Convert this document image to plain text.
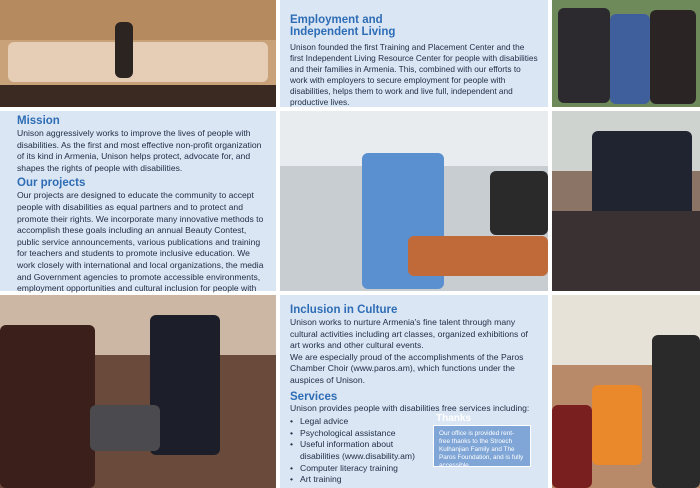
Employment and Independent Living
Unison founded the first Training and Placement Center and the first Independent Living Resource Center for people with disabilities and their families in Armenia. This, combined with our efforts to work with employers to secure employment for people with disabilities, helps them to work and live full, independent and productive lives.
Mission
Unison aggressively works to improve the lives of people with disabilities. As the first and most effective non-profit organization of its kind in Armenia, Unison helps protect, advocate for, and shapes the rights of people with disabilities.
Our projects
Our projects are designed to educate the community to accept people with disabilities as equal partners and to protect and promote their rights. We incorporate many innovative methods to accomplish these goals including an annual Beauty Contest, public service announcements, various publications and training for teachers and students to promote inclusive education. We work closely with international and local organizations, the media and Government agencies to promote accessible environments, employment opportunities and cultural inclusion for people with
Inclusion in Culture
Unison works to nurture Armenia's fine talent through many cultural activities including art classes, organized exhibitions of art works and other cultural events.
We are especially proud of the accomplishments of the Paros Chamber Choir (www.paros.am), which functions under the auspices of Unison.
Services
Unison provides people with disabilities free services including:
• Legal advice
• Psychological assistance
• Useful information about disabilities (www.disability.am)
• Computer literacy training
• Art training
Thanks
Our office is provided rent-free thanks to the Stroech Kulhanjian Family and The Paros Foundation, and is fully accessible.
